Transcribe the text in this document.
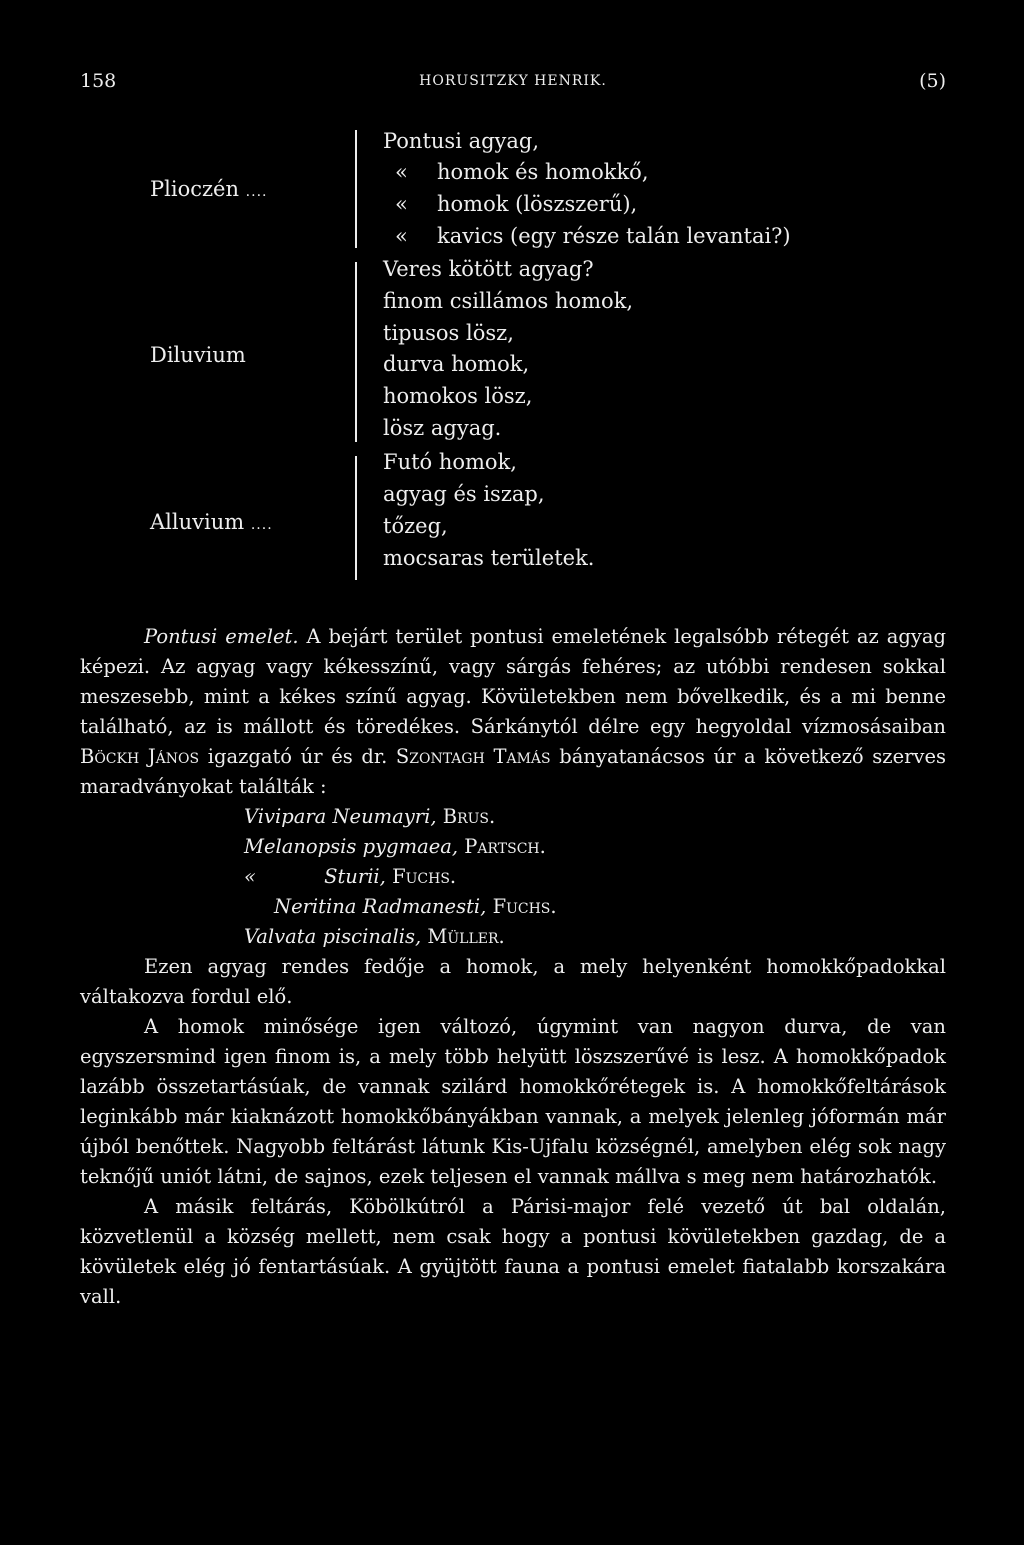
158	HORUSITZKY HENRIK.	(5)
Plioczén ....
Pontusi agyag,
« homok és homokkő,
« homok (löszszerű),
« kavics (egy része talán levantai?)
Diluvium
Veres kötött agyag?
finom csillámos homok,
tipusos lösz,
durva homok,
homokos lösz,
lösz agyag.
Alluvium ....
Futó homok,
agyag és iszap,
tőzeg,
mocsaras területek.

Pontusi emelet. A bejárt terület pontusi emeletének legalsóbb rétegét az agyag képezi. Az agyag vagy kékesszínű, vagy sárgás fehéres; az utóbbi rendesen sokkal meszesebb, mint a kékes színű agyag. Kövületekben nem bővelkedik, és a mi benne található, az is mállott és töredékes. Sárkánytól délre egy hegyoldal vízmosásaiban Böckh János igazgató úr és dr. Szontagh Tamás bányatanácsos úr a következő szerves maradványokat találták :

Vivipara Neumayri, Brus.

Melanopsis pygmaea, Partsch.

«           Sturii, Fuchs.

Neritina Radmanesti, Fuchs.

Valvata piscinalis, Müller.

Ezen agyag rendes fedője a homok, a mely helyenként homokkőpadokkal váltakozva fordul elő.

A homok minősége igen változó, úgymint van nagyon durva, de van egyszersmind igen finom is, a mely több helyütt löszszerűvé is lesz. A homokkőpadok lazább összetartásúak, de vannak szilárd homokkőrétegek is. A homokkőfeltárások leginkább már kiaknázott homokkőbányákban vannak, a melyek jelenleg jóformán már újból benőttek. Nagyobb feltárást látunk Kis-Ujfalu községnél, amelyben elég sok nagy teknőjű uniót látni, de sajnos, ezek teljesen el vannak mállva s meg nem határozhatók.

A másik feltárás, Köbölkútról a Párisi-major felé vezető út bal oldalán, közvetlenül a község mellett, nem csak hogy a pontusi kövületekben gazdag, de a kövületek elég jó fentartásúak. A gyüjtött fauna a pontusi emelet fiatalabb korszakára vall.
